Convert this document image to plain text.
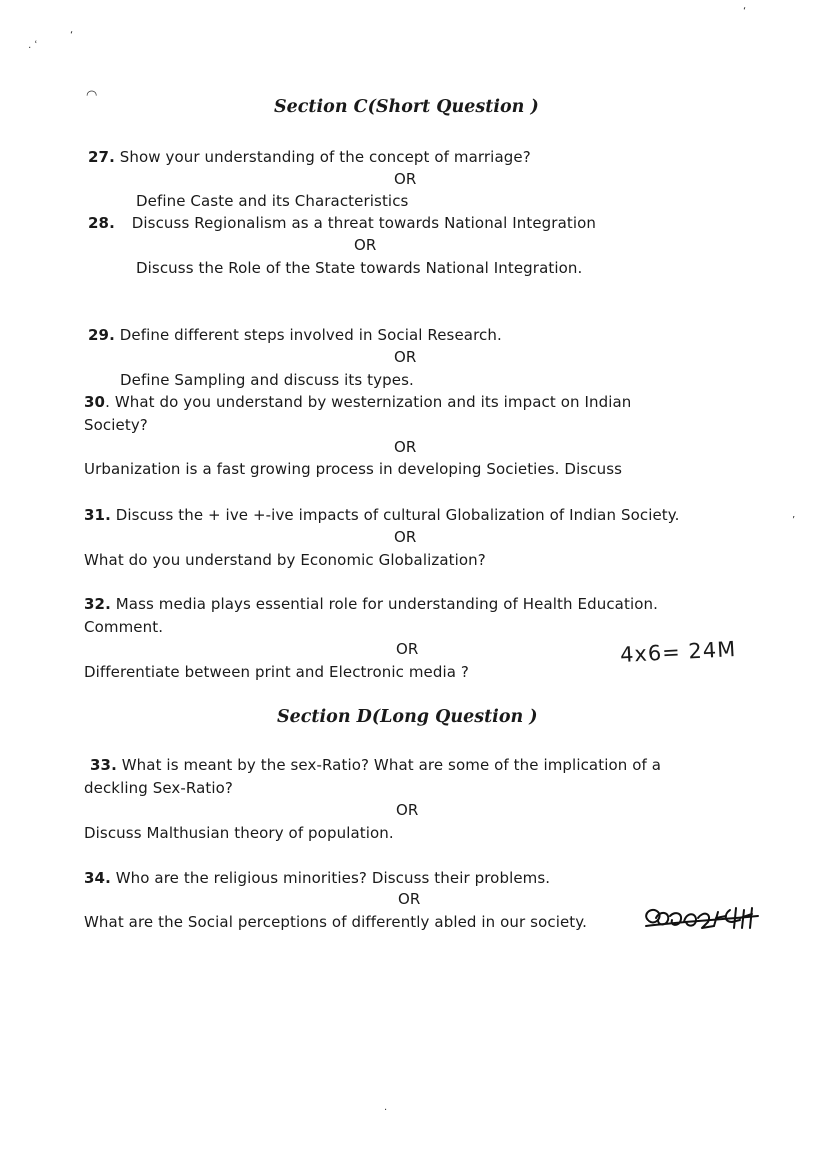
․ ʿ
‘
‘
◠
’
·
Section C(Short Question )
27. Show your understanding of the concept of marriage?
OR
Define Caste and its Characteristics
28. Discuss Regionalism as a threat towards National Integration
OR
Discuss the Role of the State towards National Integration.
29. Define different steps involved in Social Research.
OR
Define Sampling and discuss its types.
30. What do you understand by westernization and its impact on Indian
Society?
OR
Urbanization is a fast growing process in developing Societies. Discuss
31. Discuss the + ive +-ive impacts of cultural Globalization of Indian Society.
OR
What do you understand by Economic Globalization?
32. Mass media plays essential role for understanding of Health Education.
Comment.
OR
Differentiate between print and Electronic media ?
4x6= 24M
Section D(Long Question )
33. What is meant by the sex-Ratio? What are some of the implication of a
deckling Sex-Ratio?
OR
Discuss Malthusian theory of population.
34. Who are the religious minorities? Discuss their problems.
OR
What are the Social perceptions of differently abled in our society.
